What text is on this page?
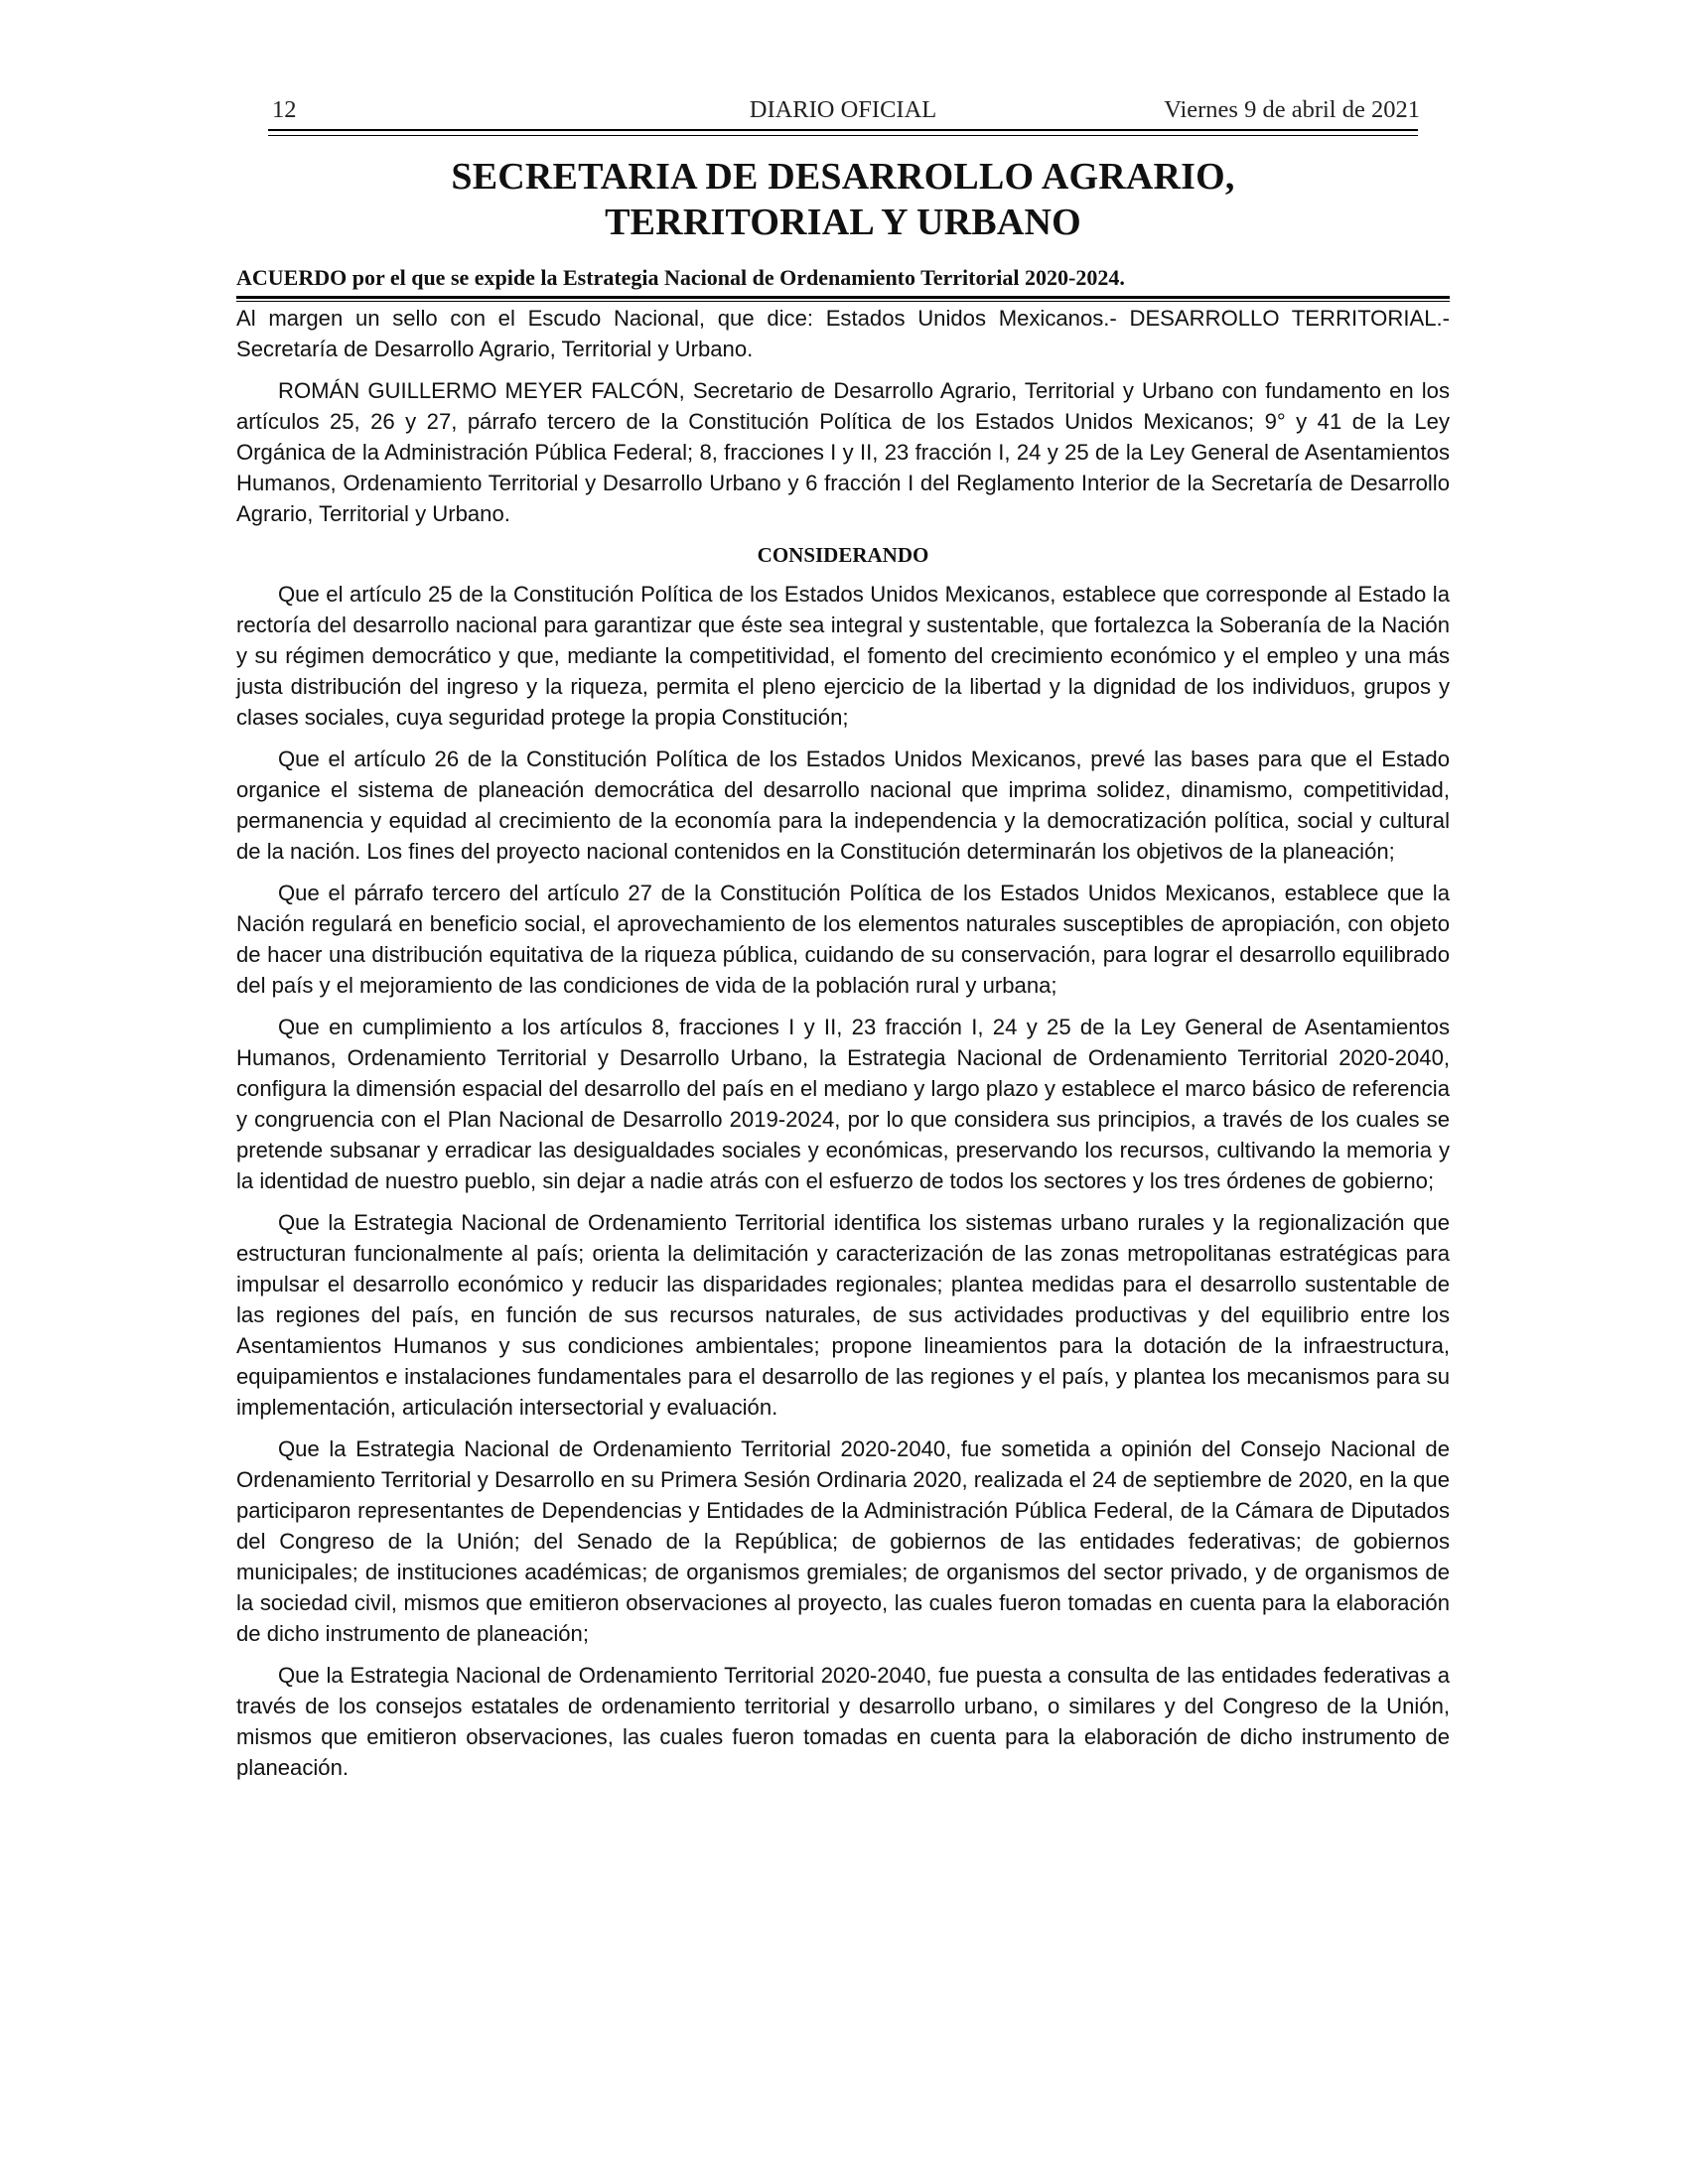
12	DIARIO OFICIAL	Viernes 9 de abril de 2021
SECRETARIA DE DESARROLLO AGRARIO,
TERRITORIAL Y URBANO
ACUERDO por el que se expide la Estrategia Nacional de Ordenamiento Territorial 2020-2024.

Al margen un sello con el Escudo Nacional, que dice: Estados Unidos Mexicanos.- DESARROLLO TERRITORIAL.- Secretaría de Desarrollo Agrario, Territorial y Urbano.

ROMÁN GUILLERMO MEYER FALCÓN, Secretario de Desarrollo Agrario, Territorial y Urbano con fundamento en los artículos 25, 26 y 27, párrafo tercero de la Constitución Política de los Estados Unidos Mexicanos; 9° y 41 de la Ley Orgánica de la Administración Pública Federal; 8, fracciones I y II, 23 fracción I, 24 y 25 de la Ley General de Asentamientos Humanos, Ordenamiento Territorial y Desarrollo Urbano y 6 fracción I del Reglamento Interior de la Secretaría de Desarrollo Agrario, Territorial y Urbano.

CONSIDERANDO

Que el artículo 25 de la Constitución Política de los Estados Unidos Mexicanos, establece que corresponde al Estado la rectoría del desarrollo nacional para garantizar que éste sea integral y sustentable, que fortalezca la Soberanía de la Nación y su régimen democrático y que, mediante la competitividad, el fomento del crecimiento económico y el empleo y una más justa distribución del ingreso y la riqueza, permita el pleno ejercicio de la libertad y la dignidad de los individuos, grupos y clases sociales, cuya seguridad protege la propia Constitución;

Que el artículo 26 de la Constitución Política de los Estados Unidos Mexicanos, prevé las bases para que el Estado organice el sistema de planeación democrática del desarrollo nacional que imprima solidez, dinamismo, competitividad, permanencia y equidad al crecimiento de la economía para la independencia y la democratización política, social y cultural de la nación. Los fines del proyecto nacional contenidos en la Constitución determinarán los objetivos de la planeación;

Que el párrafo tercero del artículo 27 de la Constitución Política de los Estados Unidos Mexicanos, establece que la Nación regulará en beneficio social, el aprovechamiento de los elementos naturales susceptibles de apropiación, con objeto de hacer una distribución equitativa de la riqueza pública, cuidando de su conservación, para lograr el desarrollo equilibrado del país y el mejoramiento de las condiciones de vida de la población rural y urbana;

Que en cumplimiento a los artículos 8, fracciones I y II, 23 fracción I, 24 y 25 de la Ley General de Asentamientos Humanos, Ordenamiento Territorial y Desarrollo Urbano, la Estrategia Nacional de Ordenamiento Territorial 2020-2040, configura la dimensión espacial del desarrollo del país en el mediano y largo plazo y establece el marco básico de referencia y congruencia con el Plan Nacional de Desarrollo 2019-2024, por lo que considera sus principios, a través de los cuales se pretende subsanar y erradicar las desigualdades sociales y económicas, preservando los recursos, cultivando la memoria y la identidad de nuestro pueblo, sin dejar a nadie atrás con el esfuerzo de todos los sectores y los tres órdenes de gobierno;

Que la Estrategia Nacional de Ordenamiento Territorial identifica los sistemas urbano rurales y la regionalización que estructuran funcionalmente al país; orienta la delimitación y caracterización de las zonas metropolitanas estratégicas para impulsar el desarrollo económico y reducir las disparidades regionales; plantea medidas para el desarrollo sustentable de las regiones del país, en función de sus recursos naturales, de sus actividades productivas y del equilibrio entre los Asentamientos Humanos y sus condiciones ambientales; propone lineamientos para la dotación de la infraestructura, equipamientos e instalaciones fundamentales para el desarrollo de las regiones y el país, y plantea los mecanismos para su implementación, articulación intersectorial y evaluación.

Que la Estrategia Nacional de Ordenamiento Territorial 2020-2040, fue sometida a opinión del Consejo Nacional de Ordenamiento Territorial y Desarrollo en su Primera Sesión Ordinaria 2020, realizada el 24 de septiembre de 2020, en la que participaron representantes de Dependencias y Entidades de la Administración Pública Federal, de la Cámara de Diputados del Congreso de la Unión; del Senado de la República; de gobiernos de las entidades federativas; de gobiernos municipales; de instituciones académicas; de organismos gremiales; de organismos del sector privado, y de organismos de la sociedad civil, mismos que emitieron observaciones al proyecto, las cuales fueron tomadas en cuenta para la elaboración de dicho instrumento de planeación;

Que la Estrategia Nacional de Ordenamiento Territorial 2020-2040, fue puesta a consulta de las entidades federativas a través de los consejos estatales de ordenamiento territorial y desarrollo urbano, o similares y del Congreso de la Unión, mismos que emitieron observaciones, las cuales fueron tomadas en cuenta para la elaboración de dicho instrumento de planeación.
